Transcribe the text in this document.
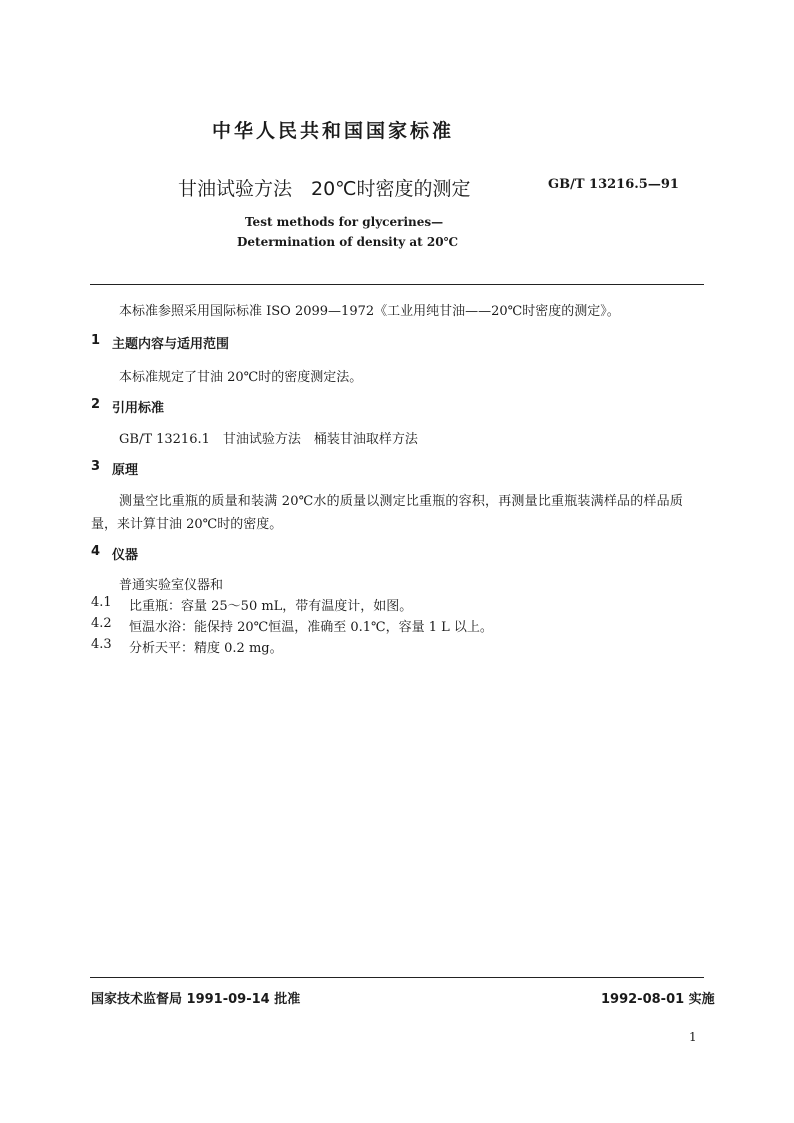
中华人民共和国国家标准
甘油试验方法　20℃时密度的测定	GB/T 13216.5—91
Test methods for glycerines—
Determination of density at 20℃
本标准参照采用国际标准 ISO 2099—1972《工业用纯甘油——20℃时密度的测定》。
1 主题内容与适用范围
本标准规定了甘油 20℃时的密度测定法。
2 引用标准
GB/T 13216.1　甘油试验方法　桶装甘油取样方法
3 原理
测量空比重瓶的质量和装满 20℃水的质量以测定比重瓶的容积，再测量比重瓶装满样品的样品质
量，来计算甘油 20℃时的密度。
4 仪器
普通实验室仪器和
4.1 比重瓶：容量 25～50 mL，带有温度计，如图。
4.2 恒温水浴：能保持 20℃恒温，准确至 0.1℃，容量 1 L 以上。
4.3 分析天平：精度 0.2 mg。
国家技术监督局 1991-09-14 批准	1992-08-01 实施
1
